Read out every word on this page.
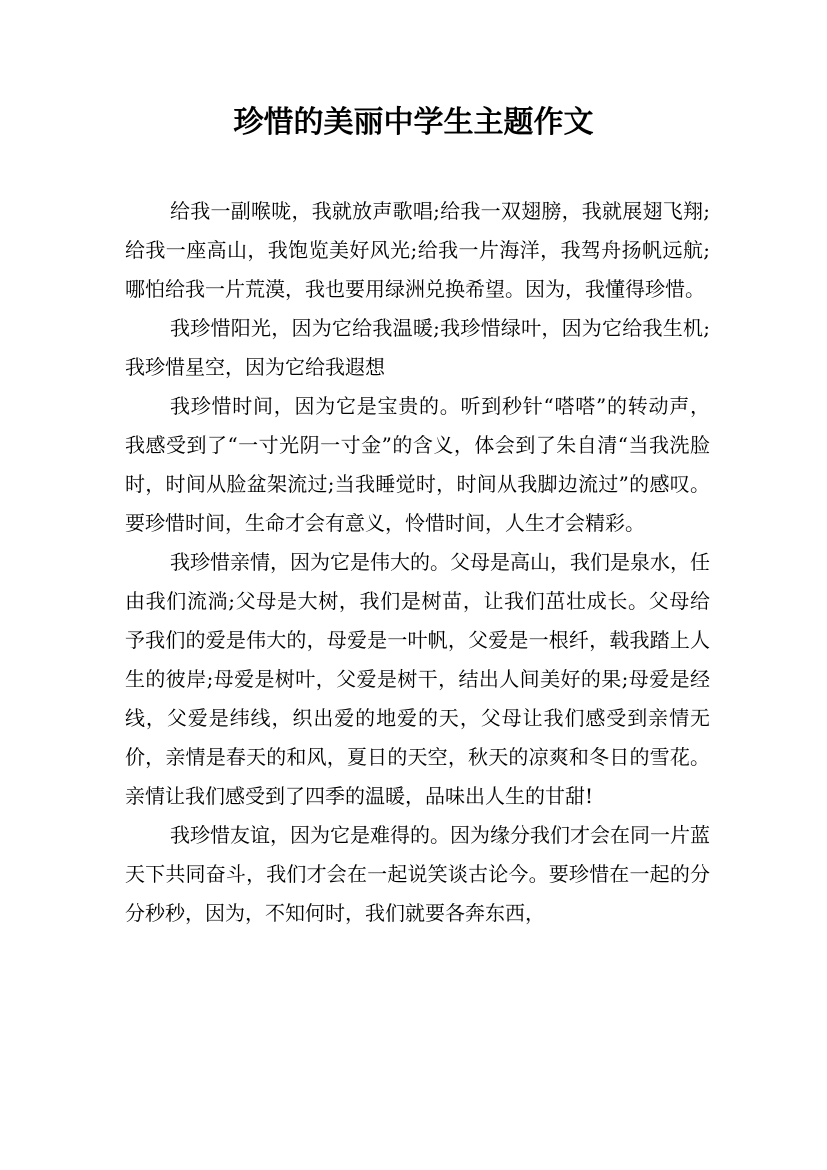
珍惜的美丽中学生主题作文

给我一副喉咙，我就放声歌唱;给我一双翅膀，我就展翅飞翔;给我一座高山，我饱览美好风光;给我一片海洋，我驾舟扬帆远航;哪怕给我一片荒漠，我也要用绿洲兑换希望。因为，我懂得珍惜。

我珍惜阳光，因为它给我温暖;我珍惜绿叶，因为它给我生机;我珍惜星空，因为它给我遐想

我珍惜时间，因为它是宝贵的。听到秒针“嗒嗒”的转动声，我感受到了“一寸光阴一寸金”的含义，体会到了朱自清“当我洗脸时，时间从脸盆架流过;当我睡觉时，时间从我脚边流过”的感叹。要珍惜时间，生命才会有意义，怜惜时间，人生才会精彩。

我珍惜亲情，因为它是伟大的。父母是高山，我们是泉水，任由我们流淌;父母是大树，我们是树苗，让我们茁壮成长。父母给予我们的爱是伟大的，母爱是一叶帆，父爱是一根纤，载我踏上人生的彼岸;母爱是树叶，父爱是树干，结出人间美好的果;母爱是经线，父爱是纬线，织出爱的地爱的天，父母让我们感受到亲情无价，亲情是春天的和风，夏日的天空，秋天的凉爽和冬日的雪花。亲情让我们感受到了四季的温暖，品味出人生的甘甜!

我珍惜友谊，因为它是难得的。因为缘分我们才会在同一片蓝天下共同奋斗，我们才会在一起说笑谈古论今。要珍惜在一起的分分秒秒，因为，不知何时，我们就要各奔东西，
